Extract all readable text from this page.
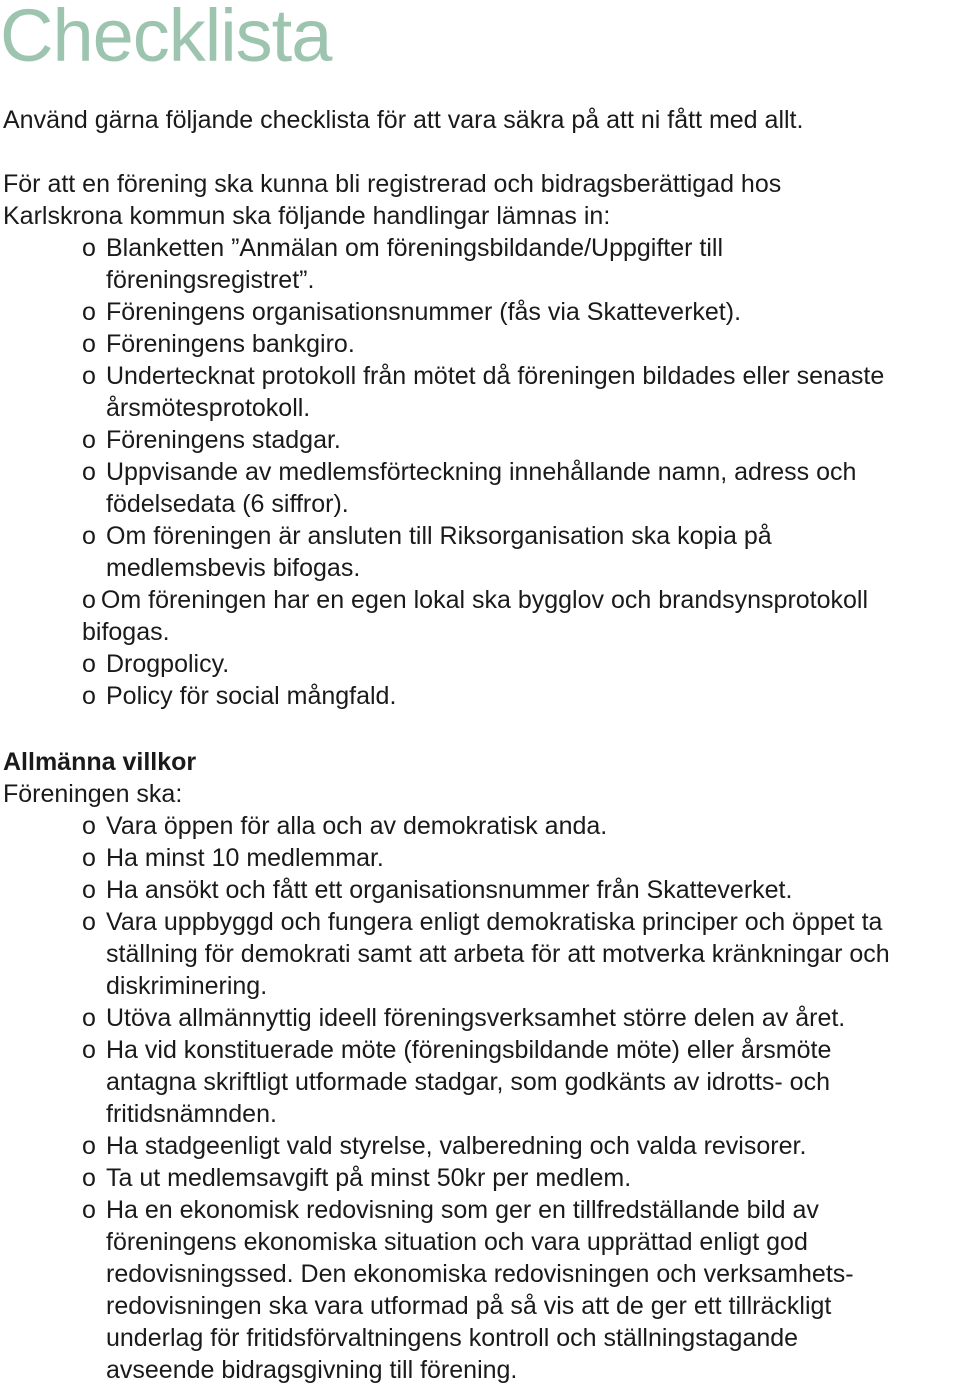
Checklista

Använd gärna följande checklista för att vara säkra på att ni fått med allt.

För att en förening ska kunna bli registrerad och bidragsberättigad hos

Karlskrona kommun ska följande handlingar lämnas in:

o Blanketten ”Anmälan om föreningsbildande/Uppgifter till
föreningsregistret”.
o Föreningens organisationsnummer (fås via Skatteverket).
o Föreningens bankgiro.
o Undertecknat protokoll från mötet då föreningen bildades eller senaste
årsmötesprotokoll.
o Föreningens stadgar.
o Uppvisande av medlemsförteckning innehållande namn, adress och
födelsedata (6 siffror).
o Om föreningen är ansluten till Riksorganisation ska kopia på
medlemsbevis bifogas.
o Om föreningen har en egen lokal ska bygglov och brandsynsprotokoll
bifogas.
o Drogpolicy.
o Policy för social mångfald.

Allmänna villkor

Föreningen ska:

o Vara öppen för alla och av demokratisk anda.
o Ha minst 10 medlemmar.
o Ha ansökt och fått ett organisationsnummer från Skatteverket.
o Vara uppbyggd och fungera enligt demokratiska principer och öppet ta
ställning för demokrati samt att arbeta för att motverka kränkningar och
diskriminering.
o Utöva allmännyttig ideell föreningsverksamhet större delen av året.
o Ha vid konstituerade möte (föreningsbildande möte) eller årsmöte
antagna skriftligt utformade stadgar, som godkänts av idrotts- och
fritidsnämnden.
o Ha stadgeenligt vald styrelse, valberedning och valda revisorer.
o Ta ut medlemsavgift på minst 50kr per medlem.
o Ha en ekonomisk redovisning som ger en tillfredställande bild av
föreningens ekonomiska situation och vara upprättad enligt god
redovisningssed. Den ekonomiska redovisningen och verksamhets-
redovisningen ska vara utformad på så vis att de ger ett tillräckligt
underlag för fritidsförvaltningens kontroll och ställningstagande
avseende bidragsgivning till förening.
